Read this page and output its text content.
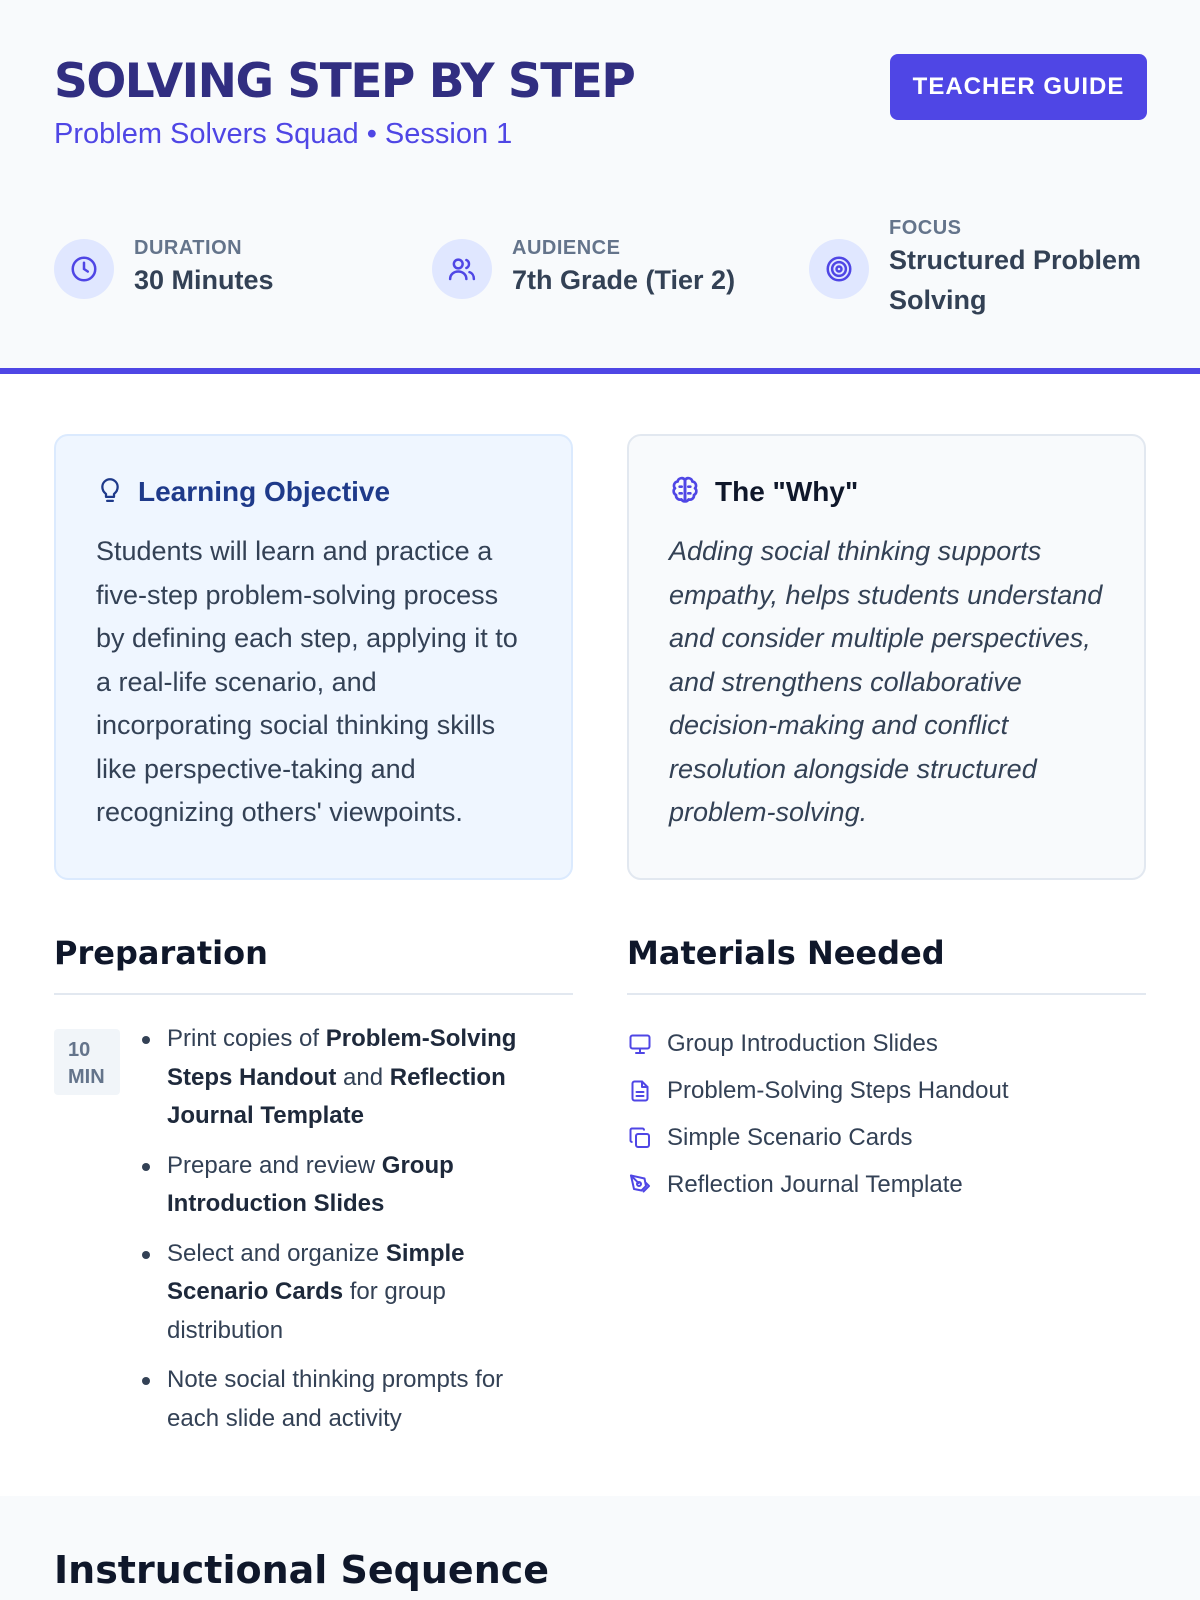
SOLVING STEP BY STEP
Problem Solvers Squad • Session 1
TEACHER GUIDE
DURATION
30 Minutes
AUDIENCE
7th Grade (Tier 2)
FOCUS
Structured Problem Solving
Learning Objective

Students will learn and practice a five-step problem-solving process by defining each step, applying it to a real-life scenario, and incorporating social thinking skills like perspective-taking and recognizing others' viewpoints.

The "Why"

Adding social thinking supports empathy, helps students understand and consider multiple perspectives, and strengthens collaborative decision-making and conflict resolution alongside structured problem-solving.

Preparation
10
MIN
Print copies of Problem-Solving Steps Handout and Reflection Journal Template
Prepare and review Group Introduction Slides
Select and organize Simple Scenario Cards for group distribution
Note social thinking prompts for each slide and activity
Materials Needed
Group Introduction Slides
Problem-Solving Steps Handout
Simple Scenario Cards
Reflection Journal Template
Instructional Sequence
